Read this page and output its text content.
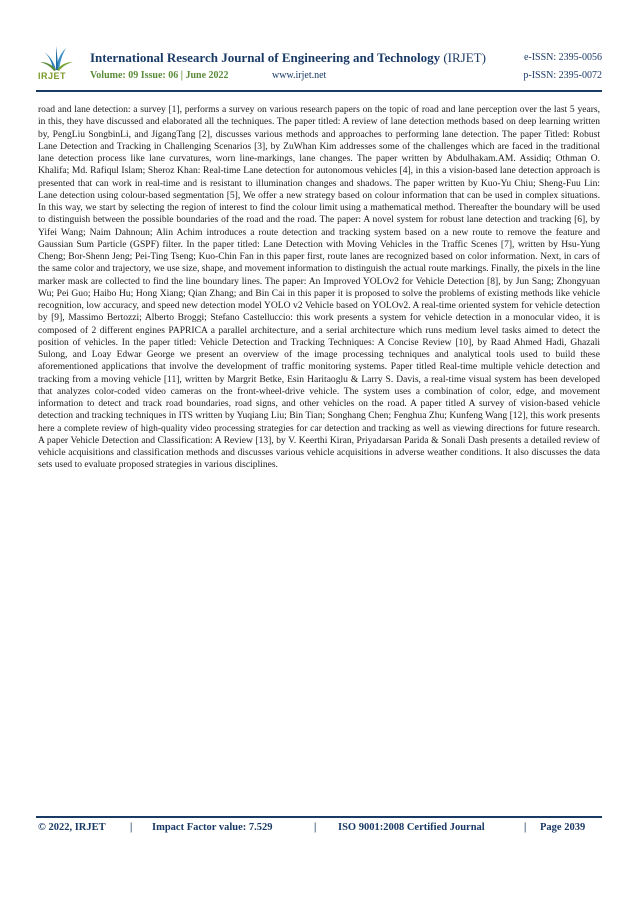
IRJET
International Research Journal of Engineering and Technology (IRJET)	e-ISSN: 2395-0056
Volume: 09 Issue: 06 | June 2022	www.irjet.net	p-ISSN: 2395-0072

road and lane detection: a survey [1], performs a survey on various research papers on the topic of road and lane perception over the last 5 years, in this, they have discussed and elaborated all the techniques. The paper titled: A review of lane detection methods based on deep learning written by, PengLiu SongbinLi, and JigangTang [2], discusses various methods and approaches to performing lane detection. The paper Titled: Robust Lane Detection and Tracking in Challenging Scenarios [3], by ZuWhan Kim addresses some of the challenges which are faced in the traditional lane detection process like lane curvatures, worn line-markings, lane changes. The paper written by Abdulhakam.AM. Assidiq; Othman O. Khalifa; Md. Rafiqul Islam; Sheroz Khan: Real-time Lane detection for autonomous vehicles [4], in this a vision-based lane detection approach is presented that can work in real-time and is resistant to illumination changes and shadows. The paper written by Kuo-Yu Chiu; Sheng-Fuu Lin: Lane detection using colour-based segmentation [5], We offer a new strategy based on colour information that can be used in complex situations. In this way, we start by selecting the region of interest to find the colour limit using a mathematical method. Thereafter the boundary will be used to distinguish between the possible boundaries of the road and the road. The paper: A novel system for robust lane detection and tracking [6], by Yifei Wang; Naim Dahnoun; Alin Achim introduces a route detection and tracking system based on a new route to remove the feature and Gaussian Sum Particle (GSPF) filter. In the paper titled: Lane Detection with Moving Vehicles in the Traffic Scenes [7], written by Hsu-Yung Cheng; Bor-Shenn Jeng; Pei-Ting Tseng; Kuo-Chin Fan in this paper first, route lanes are recognized based on color information. Next, in cars of the same color and trajectory, we use size, shape, and movement information to distinguish the actual route markings. Finally, the pixels in the line marker mask are collected to find the line boundary lines. The paper: An Improved YOLOv2 for Vehicle Detection [8], by Jun Sang; Zhongyuan Wu; Pei Guo; Haibo Hu; Hong Xiang; Qian Zhang; and Bin Cai in this paper it is proposed to solve the problems of existing methods like vehicle recognition, low accuracy, and speed new detection model YOLO v2 Vehicle based on YOLOv2. A real-time oriented system for vehicle detection by [9], Massimo Bertozzi; Alberto Broggi; Stefano Castelluccio: this work presents a system for vehicle detection in a monocular video, it is composed of 2 different engines PAPRICA a parallel architecture, and a serial architecture which runs medium level tasks aimed to detect the position of vehicles. In the paper titled: Vehicle Detection and Tracking Techniques: A Concise Review [10], by Raad Ahmed Hadi, Ghazali Sulong, and Loay Edwar George we present an overview of the image processing techniques and analytical tools used to build these aforementioned applications that involve the development of traffic monitoring systems. Paper titled Real-time multiple vehicle detection and tracking from a moving vehicle [11], written by Margrit Betke, Esin Haritaoglu & Larry S. Davis, a real-time visual system has been developed that analyzes color-coded video cameras on the front-wheel-drive vehicle. The system uses a combination of color, edge, and movement information to detect and track road boundaries, road signs, and other vehicles on the road. A paper titled A survey of vision-based vehicle detection and tracking techniques in ITS written by Yuqiang Liu; Bin Tian; Songhang Chen; Fenghua Zhu; Kunfeng Wang [12], this work presents here a complete review of high-quality video processing strategies for car detection and tracking as well as viewing directions for future research. A paper Vehicle Detection and Classification: A Review [13], by V. Keerthi Kiran, Priyadarsan Parida & Sonali Dash presents a detailed review of vehicle acquisitions and classification methods and discusses various vehicle acquisitions in adverse weather conditions. It also discusses the data sets used to evaluate proposed strategies in various disciplines.

© 2022, IRJET | Impact Factor value: 7.529	| ISO 9001:2008 Certified Journal	| Page 2039
